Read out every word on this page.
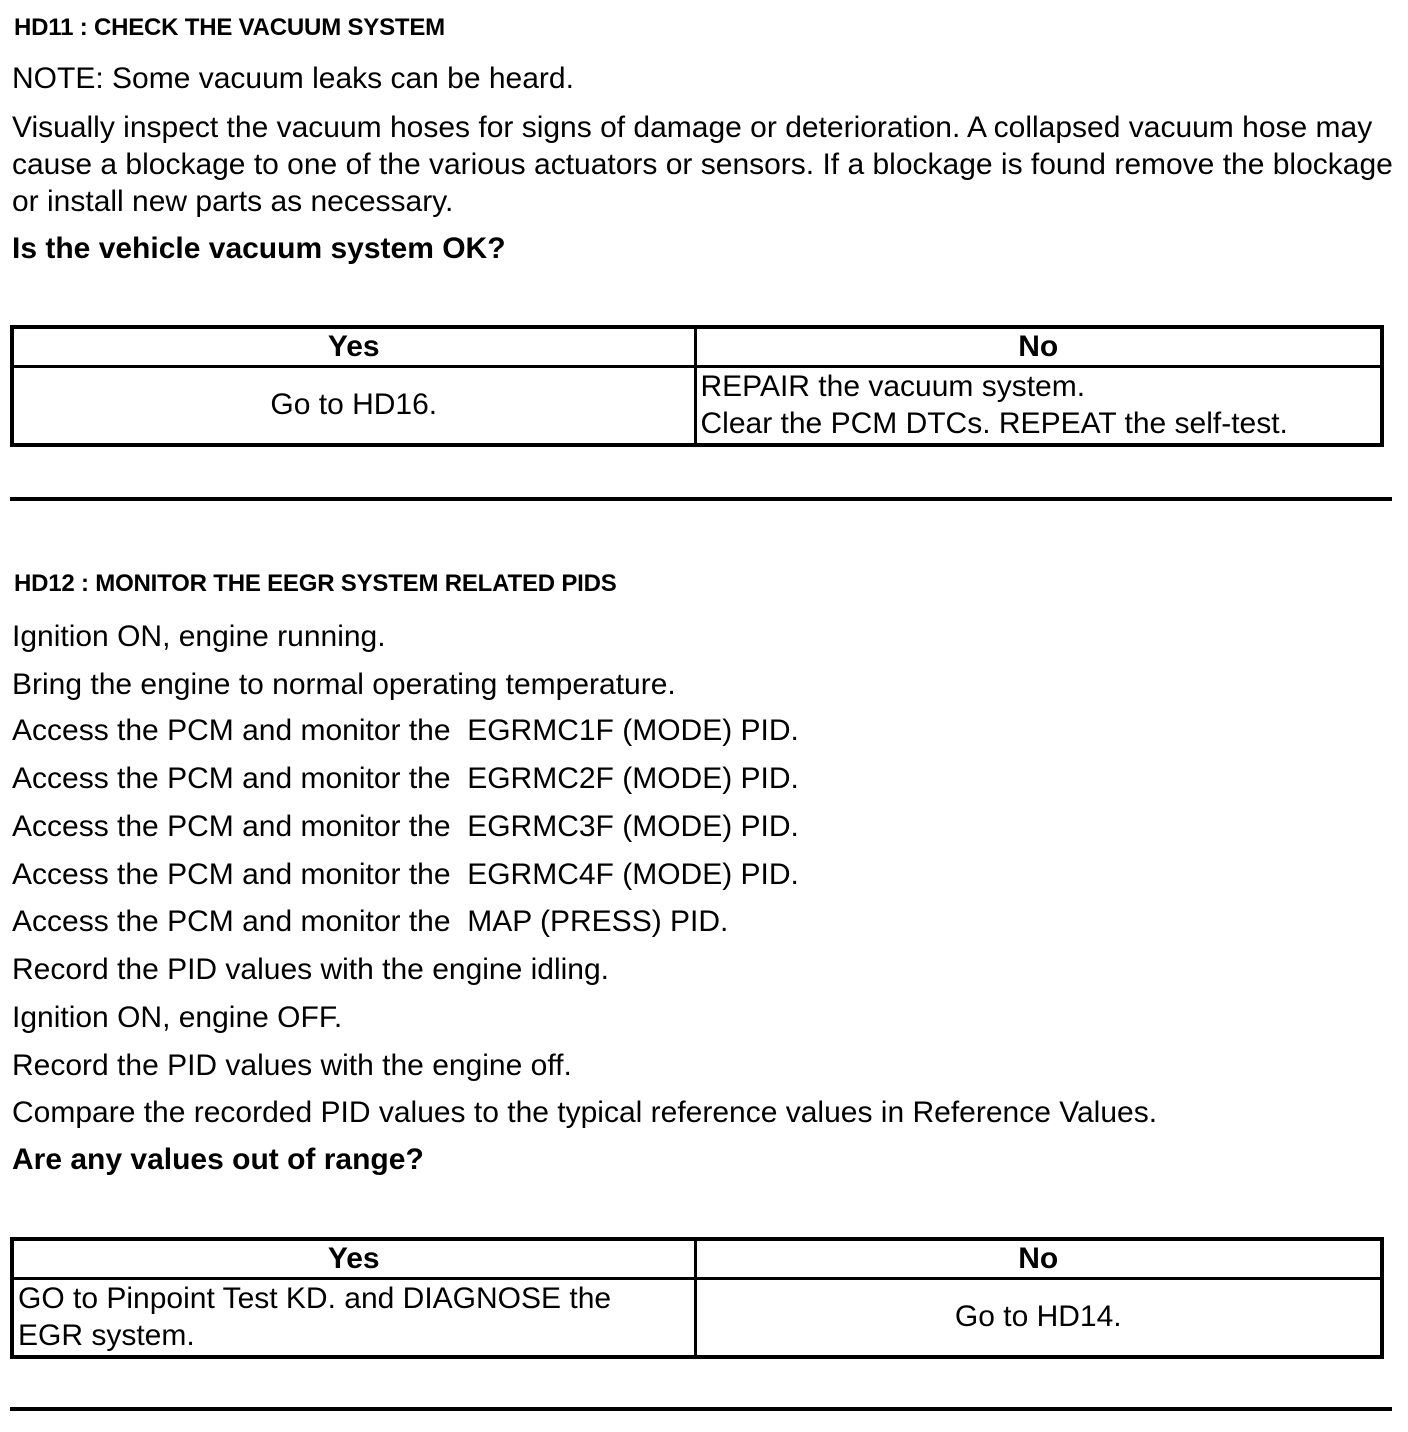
HD11 : CHECK THE VACUUM SYSTEM
NOTE: Some vacuum leaks can be heard.
Visually inspect the vacuum hoses for signs of damage or deterioration. A collapsed vacuum hose may cause a blockage to one of the various actuators or sensors. If a blockage is found remove the blockage or install new parts as necessary.
Is the vehicle vacuum system OK?
Yes	No
Go to HD16.	REPAIR the vacuum system.
Clear the PCM DTCs. REPEAT the self-test.
HD12 : MONITOR THE EEGR SYSTEM RELATED PIDS
Ignition ON, engine running.
Bring the engine to normal operating temperature.
Access the PCM and monitor the  EGRMC1F (MODE) PID.
Access the PCM and monitor the  EGRMC2F (MODE) PID.
Access the PCM and monitor the  EGRMC3F (MODE) PID.
Access the PCM and monitor the  EGRMC4F (MODE) PID.
Access the PCM and monitor the  MAP (PRESS) PID.
Record the PID values with the engine idling.
Ignition ON, engine OFF.
Record the PID values with the engine off.
Compare the recorded PID values to the typical reference values in Reference Values.
Are any values out of range?
Yes	No

GO to Pinpoint Test KD. and DIAGNOSE the
EGR system.	Go to HD14.
